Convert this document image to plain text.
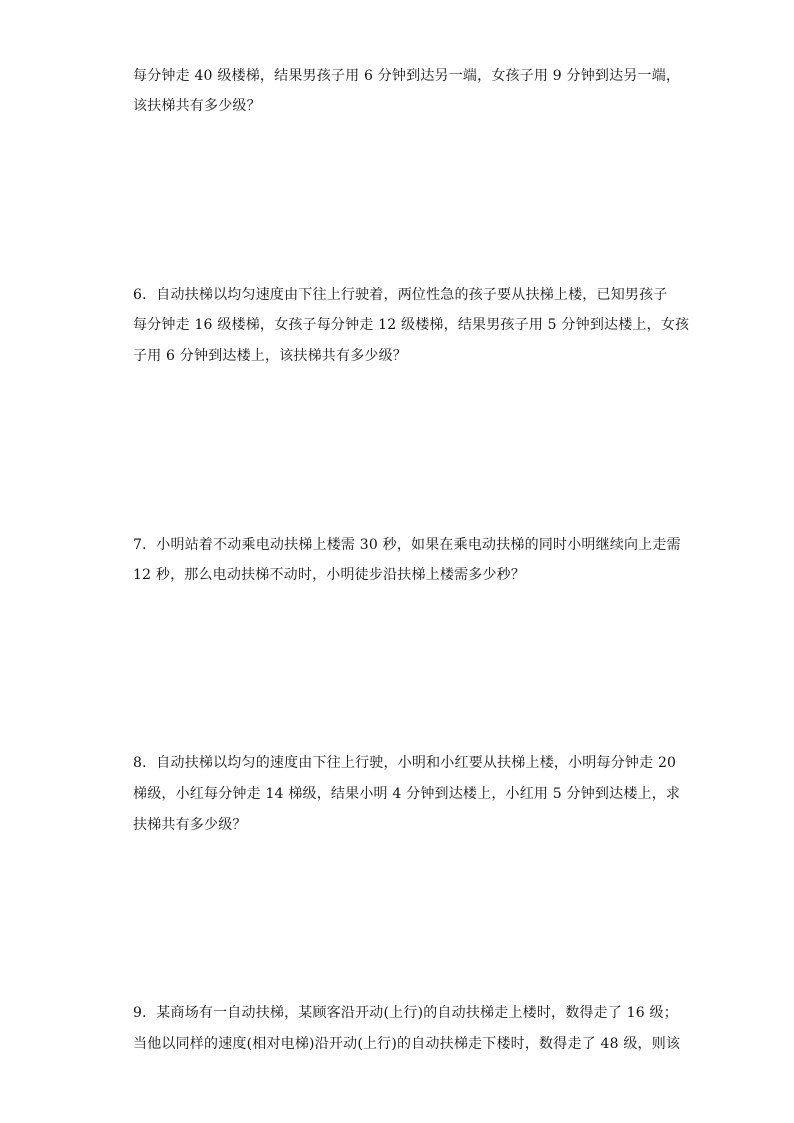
每分钟走 40 级楼梯，结果男孩子用 6 分钟到达另一端，女孩子用 9 分钟到达另一端，
该扶梯共有多少级？
6．自动扶梯以均匀速度由下往上行驶着，两位性急的孩子要从扶梯上楼，已知男孩子
每分钟走 16 级楼梯，女孩子每分钟走 12 级楼梯，结果男孩子用 5 分钟到达楼上，女孩
子用 6 分钟到达楼上，该扶梯共有多少级？
7．小明站着不动乘电动扶梯上楼需 30 秒，如果在乘电动扶梯的同时小明继续向上走需
12 秒，那么电动扶梯不动时，小明徒步沿扶梯上楼需多少秒？
8．自动扶梯以均匀的速度由下往上行驶，小明和小红要从扶梯上楼，小明每分钟走 20
梯级，小红每分钟走 14 梯级，结果小明 4 分钟到达楼上，小红用 5 分钟到达楼上，求
扶梯共有多少级？
9．某商场有一自动扶梯，某顾客沿开动(上行)的自动扶梯走上楼时，数得走了 16 级；
当他以同样的速度(相对电梯)沿开动(上行)的自动扶梯走下楼时，数得走了 48 级，则该
